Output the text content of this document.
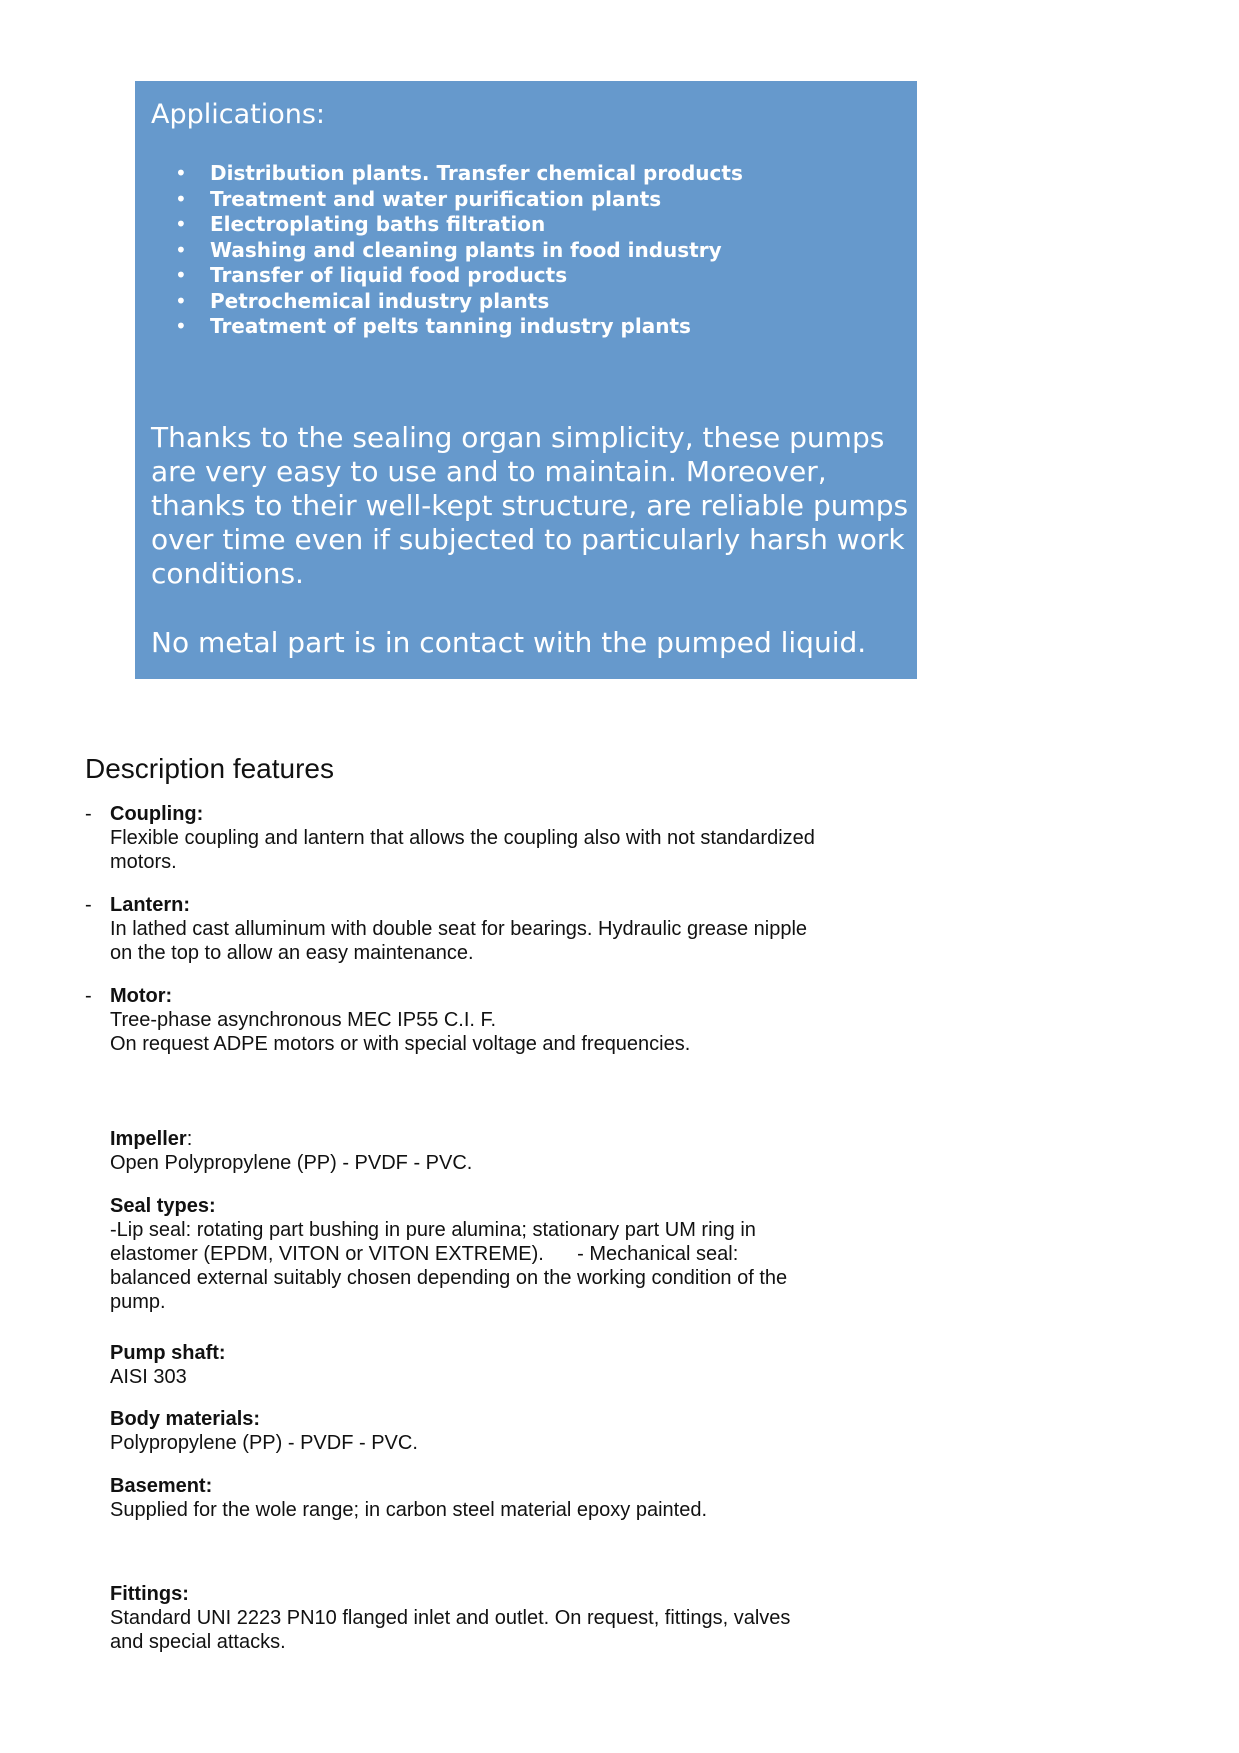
Applications:
• Distribution plants. Transfer chemical products
• Treatment and water purification plants
• Electroplating baths filtration
• Washing and cleaning plants in food industry
• Transfer of liquid food products
• Petrochemical industry plants
• Treatment of pelts tanning industry plants

Thanks to the sealing organ simplicity, these pumps are very easy to use and to maintain. Moreover, thanks to their well-kept structure, are reliable pumps over time even if subjected to particularly harsh work conditions.

No metal part is in contact with the pumped liquid.

Description features
- Coupling:
Flexible coupling and lantern that allows the coupling also with not standardized
motors.
- Lantern:
In lathed cast alluminum with double seat for bearings. Hydraulic grease nipple
on the top to allow an easy maintenance.
- Motor:
Tree-phase asynchronous MEC IP55 C.I. F.
On request ADPE motors or with special voltage and frequencies.
Impeller:
Open Polypropylene (PP) - PVDF - PVC.
Seal types:
-Lip seal: rotating part bushing in pure alumina; stationary part UM ring in
elastomer (EPDM, VITON or VITON EXTREME).      - Mechanical seal:
balanced external suitably chosen depending on the working condition of the
pump.
Pump shaft:
AISI 303
Body materials:
Polypropylene (PP) - PVDF - PVC.
Basement:
Supplied for the wole range; in carbon steel material epoxy painted.
Fittings:
Standard UNI 2223 PN10 flanged inlet and outlet. On request, fittings, valves
and special attacks.
